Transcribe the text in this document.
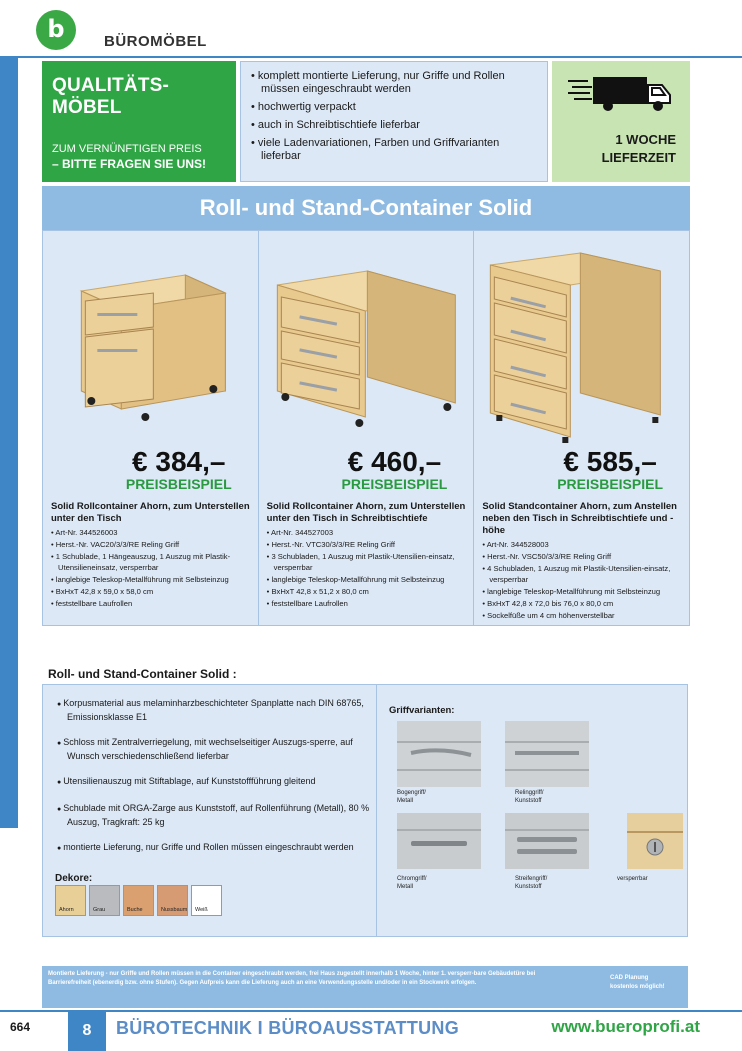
b	BÜROMÖBEL
QUALITÄTS-MÖBEL
ZUM VERNÜNFTIGEN PREIS
– BITTE FRAGEN SIE UNS!
• komplett montierte Lieferung, nur Griffe und Rollen müssen eingeschraubt werden
• hochwertig verpackt
• auch in Schreibtischtiefe lieferbar
• viele Ladenvariationen, Farben und Griffvarianten lieferbar
1 WOCHE
LIEFERZEIT
Roll- und Stand-Container Solid
€ 384,–
PREISBEISPIEL
Solid Rollcontainer Ahorn, zum Unterstellen unter den Tisch
• Art-Nr. 344526003
• Herst.-Nr. VAC20/3/3/RE Reling Griff
• 1 Schublade, 1 Hängeauszug, 1 Auszug mit Plastik-Utensilieneinsatz, versperrbar
• langlebige Teleskop-Metallführung mit Selbsteinzug
• BxHxT 42,8 x 59,0 x 58,0 cm
• feststellbare Laufrollen
€ 460,–
PREISBEISPIEL
Solid Rollcontainer Ahorn, zum Unterstellen unter den Tisch in Schreibtischtiefe
• Art-Nr. 344527003
• Herst.-Nr. VTC30/3/3/RE Reling Griff
• 3 Schubladen, 1 Auszug mit Plastik-Utensilien-einsatz, versperrbar
• langlebige Teleskop-Metallführung mit Selbsteinzug
• BxHxT 42,8 x 51,2 x 80,0 cm
• feststellbare Laufrollen
€ 585,–
PREISBEISPIEL
Solid Standcontainer Ahorn, zum Anstellen neben den Tisch in Schreibtischtiefe und -höhe
• Art-Nr. 344528003
• Herst.-Nr. VSC50/3/3/RE Reling Griff
• 4 Schubladen, 1 Auszug mit Plastik-Utensilien-einsatz, versperrbar
• langlebige Teleskop-Metallführung mit Selbsteinzug
• BxHxT 42,8 x 72,0 bis 76,0 x 80,0 cm
• Sockelfüße um 4 cm höhenverstellbar
Roll- und Stand-Container Solid :
● Korpusmaterial aus melaminharzbeschichteter Spanplatte nach DIN 68765, Emissionsklasse E1
● Schloss mit Zentralverriegelung, mit wechselseitiger Auszugs-sperre, auf Wunsch verschiedenschließend lieferbar
● Utensilienauszug mit Stiftablage, auf Kunststoffführung gleitend
● Schublade mit ORGA-Zarge aus Kunststoff, auf Rollenführung (Metall), 80 % Auszug, Tragkraft: 25 kg
● montierte Lieferung, nur Griffe und Rollen müssen eingeschraubt werden
Dekore:
Ahorn	Grau	Buche	Nussbaum Weiß
Griffvarianten:
Bogengriff/
Metall
Relinggriff/
Kunststoff
Chromgriff/
Metall
Streifengriff/
Kunststoff
versperrbar
Montierte Lieferung - nur Griffe und Rollen müssen in die Container eingeschraubt werden, frei Haus zugestellt innerhalb 1 Woche, hinter 1. versperr-bare Gebäudetüre bei Barrierefreiheit (ebenerdig bzw. ohne Stufen). Gegen Aufpreis kann die Lieferung auch an eine Verwendungsstelle und/oder in ein Stockwerk erfolgen.
CAD Planung
kostenlos möglich!
664	8	BÜROTECHNIK I BÜROAUSSTATTUNG	www.bueroprofi.at
